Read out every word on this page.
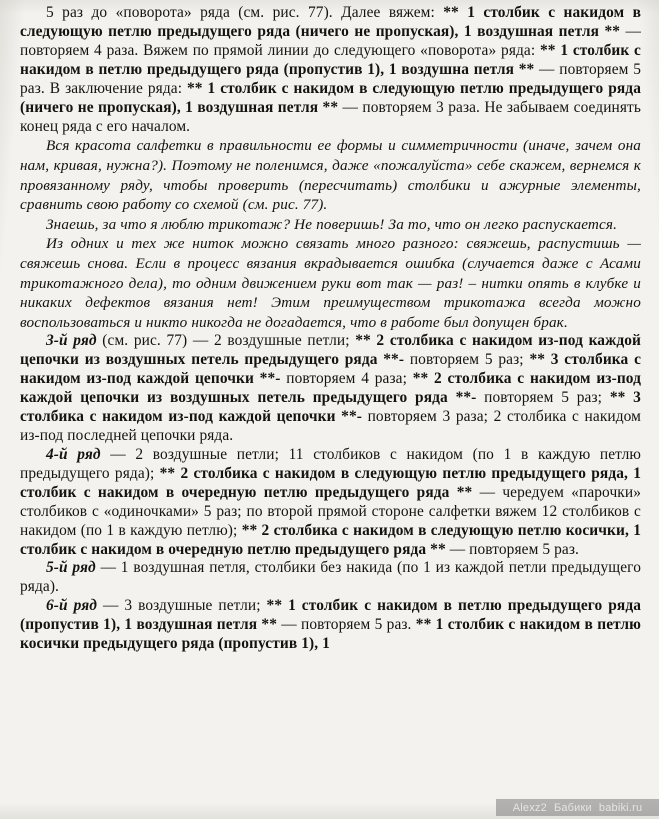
5 раз до «поворота» ряда (см. рис. 77). Далее вяжем: ** 1 столбик с накидом в следующую петлю предыдущего ряда (ничего не пропуская), 1 воздушная петля ** — повторяем 4 раза. Вяжем по прямой линии до следующего «поворота» ряда: ** 1 столбик с накидом в петлю предыдущего ряда (пропустив 1), 1 воздушна петля ** — повторяем 5 раз. В заключение ряда: ** 1 столбик с накидом в следующую петлю предыдущего ряда (ничего не пропуская), 1 воздушная петля ** — повторяем 3 раза. Не забываем соединять конец ряда с его началом.

Вся красота салфетки в правильности ее формы и симметричности (иначе, зачем она нам, кривая, нужна?). Поэтому не поленимся, даже «пожалуйста» себе скажем, вернемся к провязанному ряду, чтобы проверить (пересчитать) столбики и ажурные элементы, сравнить свою работу со схемой (см. рис. 77).

Знаешь, за что я люблю трикотаж? Не поверишь! За то, что он легко распускается.

Из одних и тех же ниток можно связать много разного: свяжешь, распустишь — свяжешь снова. Если в процесс вязания вкрадывается ошибка (случается даже с Асами трикотажного дела), то одним движением руки вот так — раз! – нитки опять в клубке и никаких дефектов вязания нет! Этим преимуществом трикотажа всегда можно воспользоваться и никто никогда не догадается, что в работе был допущен брак.

3-й ряд (см. рис. 77) — 2 воздушные петли; ** 2 столбика с накидом из-под каждой цепочки из воздушных петель предыдущего ряда **- повторяем 5 раз; ** 3 столбика с накидом из-под каждой цепочки **- повторяем 4 раза; ** 2 столбика с накидом из-под каждой цепочки из воздушных петель предыдущего ряда **- повторяем 5 раз; ** 3 столбика с накидом из-под каждой цепочки **- повторяем 3 раза; 2 столбика с накидом из-под последней цепочки ряда.

4-й ряд — 2 воздушные петли; 11 столбиков с накидом (по 1 в каждую петлю предыдущего ряда); ** 2 столбика с накидом в следующую петлю предыдущего ряда, 1 столбик с накидом в очередную петлю предыдущего ряда ** — чередуем «парочки» столбиков с «одиночками» 5 раз; по второй прямой стороне салфетки вяжем 12 столбиков с накидом (по 1 в каждую петлю); ** 2 столбика с накидом в следующую петлю косички, 1 столбик с накидом в очередную петлю предыдущего ряда ** — повторяем 5 раз.

5-й ряд — 1 воздушная петля, столбики без накида (по 1 из каждой петли предыдущего ряда).

6-й ряд — 3 воздушные петли; ** 1 столбик с накидом в петлю предыдущего ряда (пропустив 1), 1 воздушная петля ** — повторяем 5 раз. ** 1 столбик с накидом в петлю косички предыдущего ряда (пропустив 1), 1

Alexz2 Бабики babiki.ru
